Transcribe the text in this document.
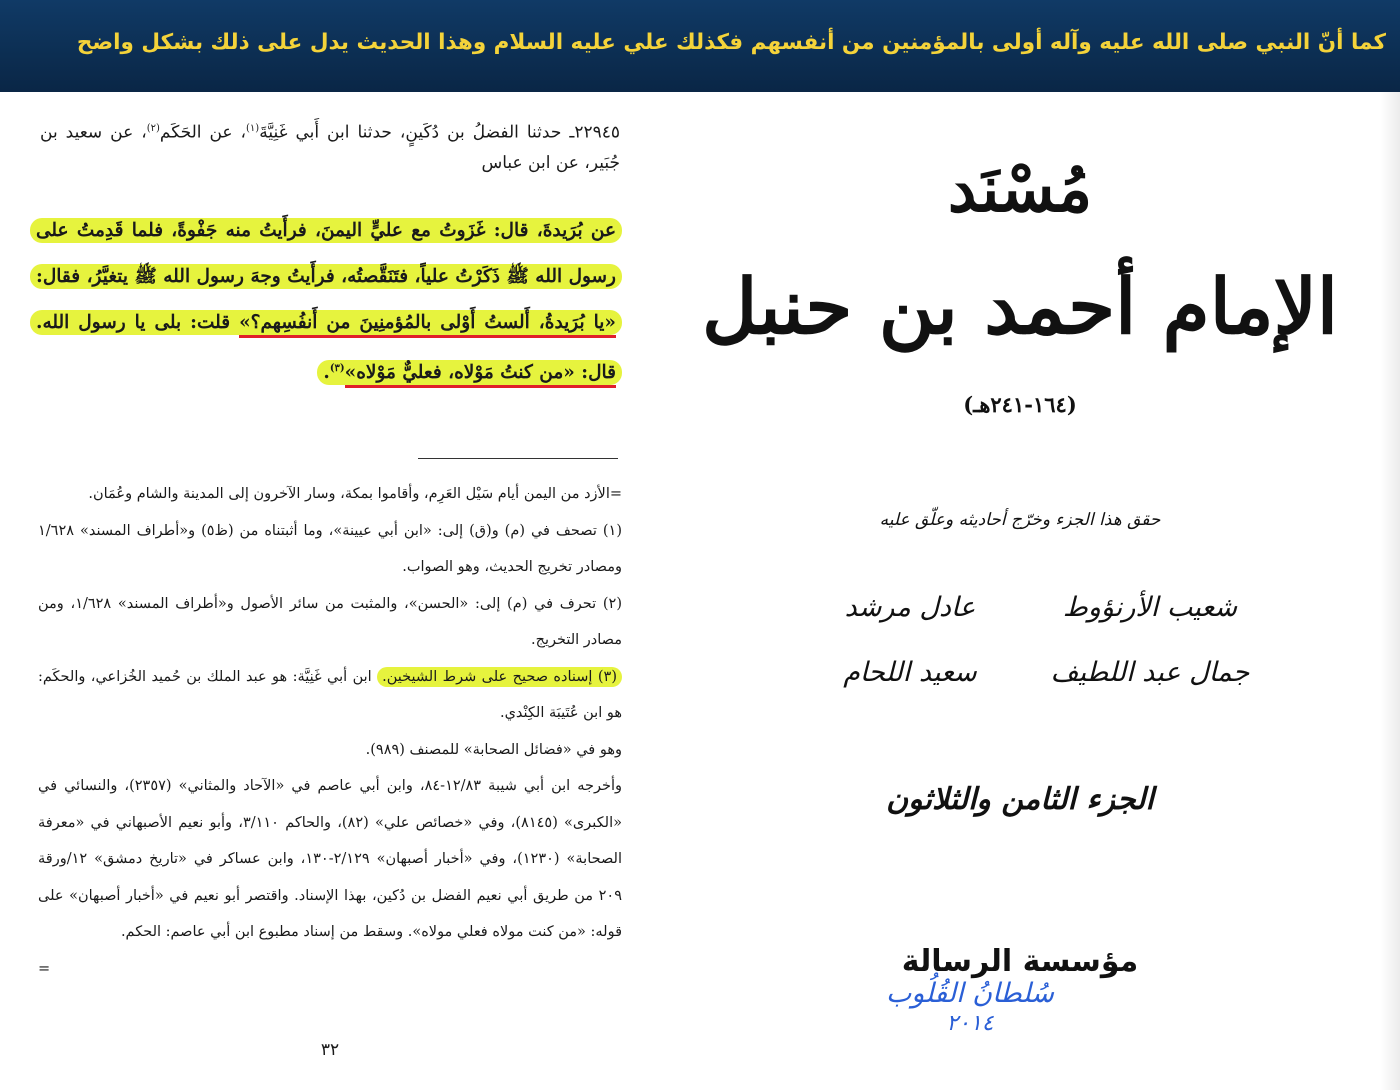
كما أنّ النبي صلى الله عليه وآله أولى بالمؤمنين من أنفسهم فكذلك علي عليه السلام وهذا الحديث يدل على ذلك بشكل واضح
٢٢٩٤٥ـ حدثنا الفضلُ بن دُكَينٍ، حدثنا ابن أَبي غَنِيَّةَ$^{(١)}$، عن الحَكَم$^{(٢)}$، عن سعيد بن جُبَير، عن ابن عباس
عن بُرَيدةَ، قال: غَزَوتُ مع عليٍّ اليمنَ، فرأَيتُ منه جَفْوةً، فلما قَدِمتُ على رسول الله ﷺ ذَكَرْتُ علياً، فتَنَقَّصتُه، فرأَيتُ وجهَ رسول الله ﷺ يتغيَّرُ، فقال: «يا بُرَيدةُ، أَلستُ أَوْلى بالمُؤمنِينَ من أَنفُسِهم؟» قلت: بلى يا رسول الله. قال: «من كنتُ مَوْلاه، فعليٌّ مَوْلاه»$^{(٣)}$.

=الأزد من اليمن أيام سَيْل العَرِم، وأقاموا بمكة، وسار الآخرون إلى المدينة والشام وعُمَان.

(١) تصحف في (م) و(ق) إلى: «ابن أبي عيينة»، وما أثبتناه من (ظ٥) و«أطراف المسند» ١/٦٢٨ ومصادر تخريج الحديث، وهو الصواب.

(٢) تحرف في (م) إلى: «الحسن»، والمثبت من سائر الأصول و«أطراف المسند» ١/٦٢٨، ومن مصادر التخريج.

(٣) إسناده صحيح على شرط الشيخين. ابن أبي غَنِيَّة: هو عبد الملك بن حُميد الخُزاعي، والحكَم: هو ابن عُتَيبَة الكِنْدي.

وهو في «فضائل الصحابة» للمصنف (٩٨٩).

وأخرجه ابن أبي شيبة ١٢/٨٣-٨٤، وابن أبي عاصم في «الآحاد والمثاني» (٢٣٥٧)، والنسائي في «الكبرى» (٨١٤٥)، وفي «خصائص علي» (٨٢)، والحاكم ٣/١١٠، وأبو نعيم الأصبهاني في «معرفة الصحابة» (١٢٣٠)، وفي «أخبار أصبهان» ٢/١٢٩-١٣٠، وابن عساكر في «تاريخ دمشق» ١٢/ورقة ٢٠٩ من طريق أبي نعيم الفضل بن دُكين، بهذا الإسناد. واقتصر أبو نعيم في «أخبار أصبهان» على قوله: «من كنت مولاه فعلي مولاه». وسقط من إسناد مطبوع ابن أبي عاصم: الحكم.

=

٣٢
مُسْنَد
الإمام أحمد بن حنبل
(١٦٤-٢٤١هـ)
حقق هذا الجزء وخرّج أحاديثه وعلّق عليه
شعيب الأرنؤوط
عادل مرشد
جمال عبد اللطيف
سعيد اللحام
الجزء الثامن والثلاثون
مؤسسة الرسالة
سُلطانُ القُلُوب
٢٠١٤
